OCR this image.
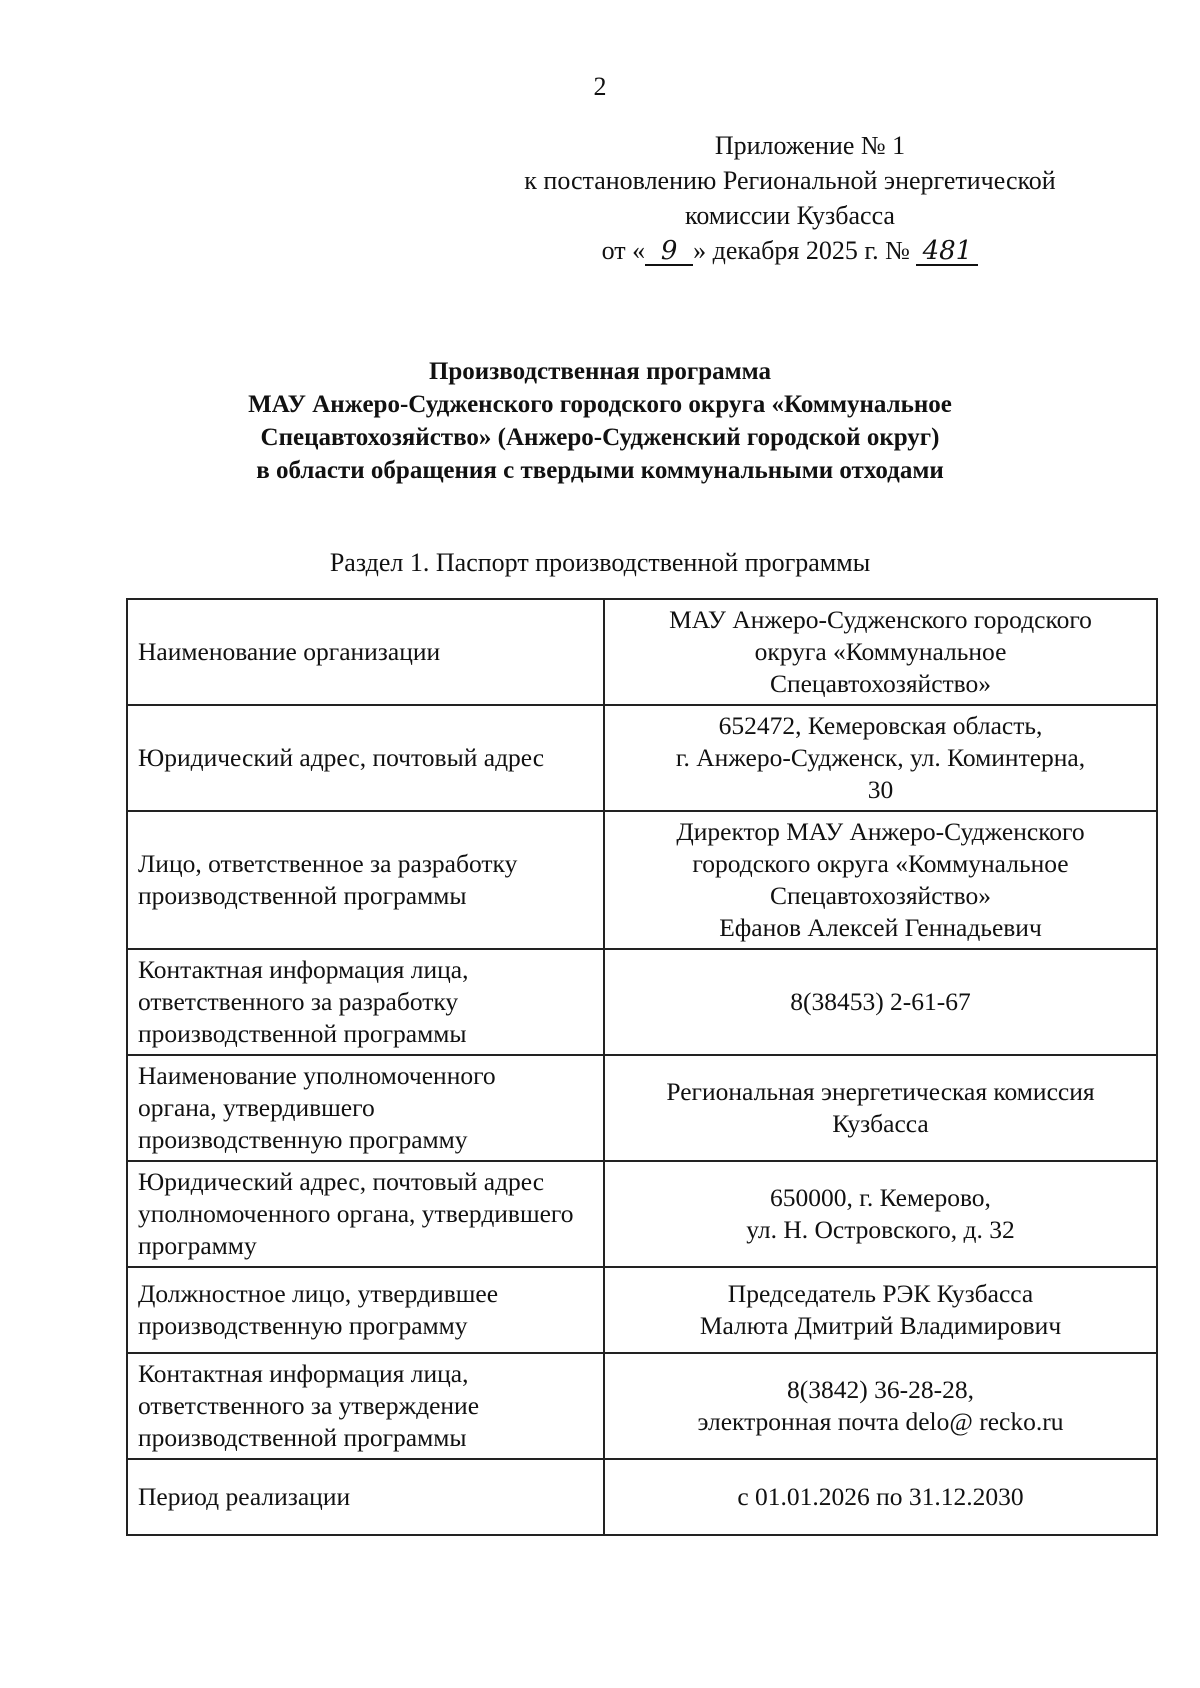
2
Приложение № 1
к постановлению Региональной энергетической
комиссии Кузбасса
от « 9 » декабря 2025 г. № 481
Производственная программа
МАУ Анжеро-Судженского городского округа «Коммунальное
Спецавтохозяйство» (Анжеро-Судженский городской округ)
в области обращения с твердыми коммунальными отходами
Раздел 1. Паспорт производственной программы
Наименование организации	МАУ Анжеро-Судженского городского
округа «Коммунальное
Спецавтохозяйство»

Юридический адрес, почтовый адрес	652472, Кемеровская область,
г. Анжеро-Судженск, ул. Коминтерна,
30

Лицо, ответственное за разработку
производственной программы	Директор МАУ Анжеро-Судженского
городского округа «Коммунальное
Спецавтохозяйство»
Ефанов Алексей Геннадьевич

Контактная информация лица,
ответственного за разработку
производственной программы	8(38453) 2-61-67

Наименование уполномоченного
органа, утвердившего
производственную программу	Региональная энергетическая комиссия
Кузбасса

Юридический адрес, почтовый адрес
уполномоченного органа, утвердившего
программу	650000, г. Кемерово,
ул. Н. Островского, д. 32

Должностное лицо, утвердившее
производственную программу	Председатель РЭК Кузбасса
Малюта Дмитрий Владимирович

Контактная информация лица,
ответственного за утверждение
производственной программы	8(3842) 36-28-28,
электронная почта delo@ recko.ru

Период реализации	с 01.01.2026 по 31.12.2030
